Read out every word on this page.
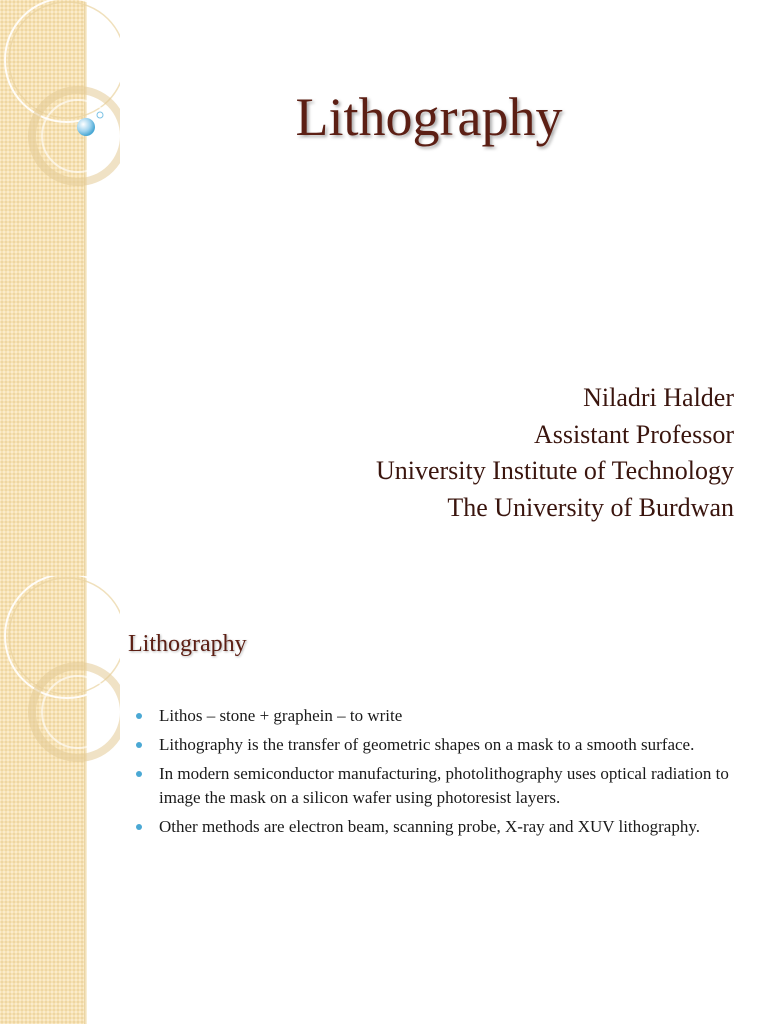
Lithography
Niladri Halder
Assistant Professor
University Institute of Technology
The University of Burdwan
Lithography
Lithos – stone + graphein – to write
Lithography is the transfer of geometric shapes on a mask to a smooth surface.
In modern semiconductor manufacturing, photolithography uses optical radiation to image the mask on a silicon wafer using photoresist layers.
Other methods are electron beam, scanning probe, X-ray and XUV lithography.
